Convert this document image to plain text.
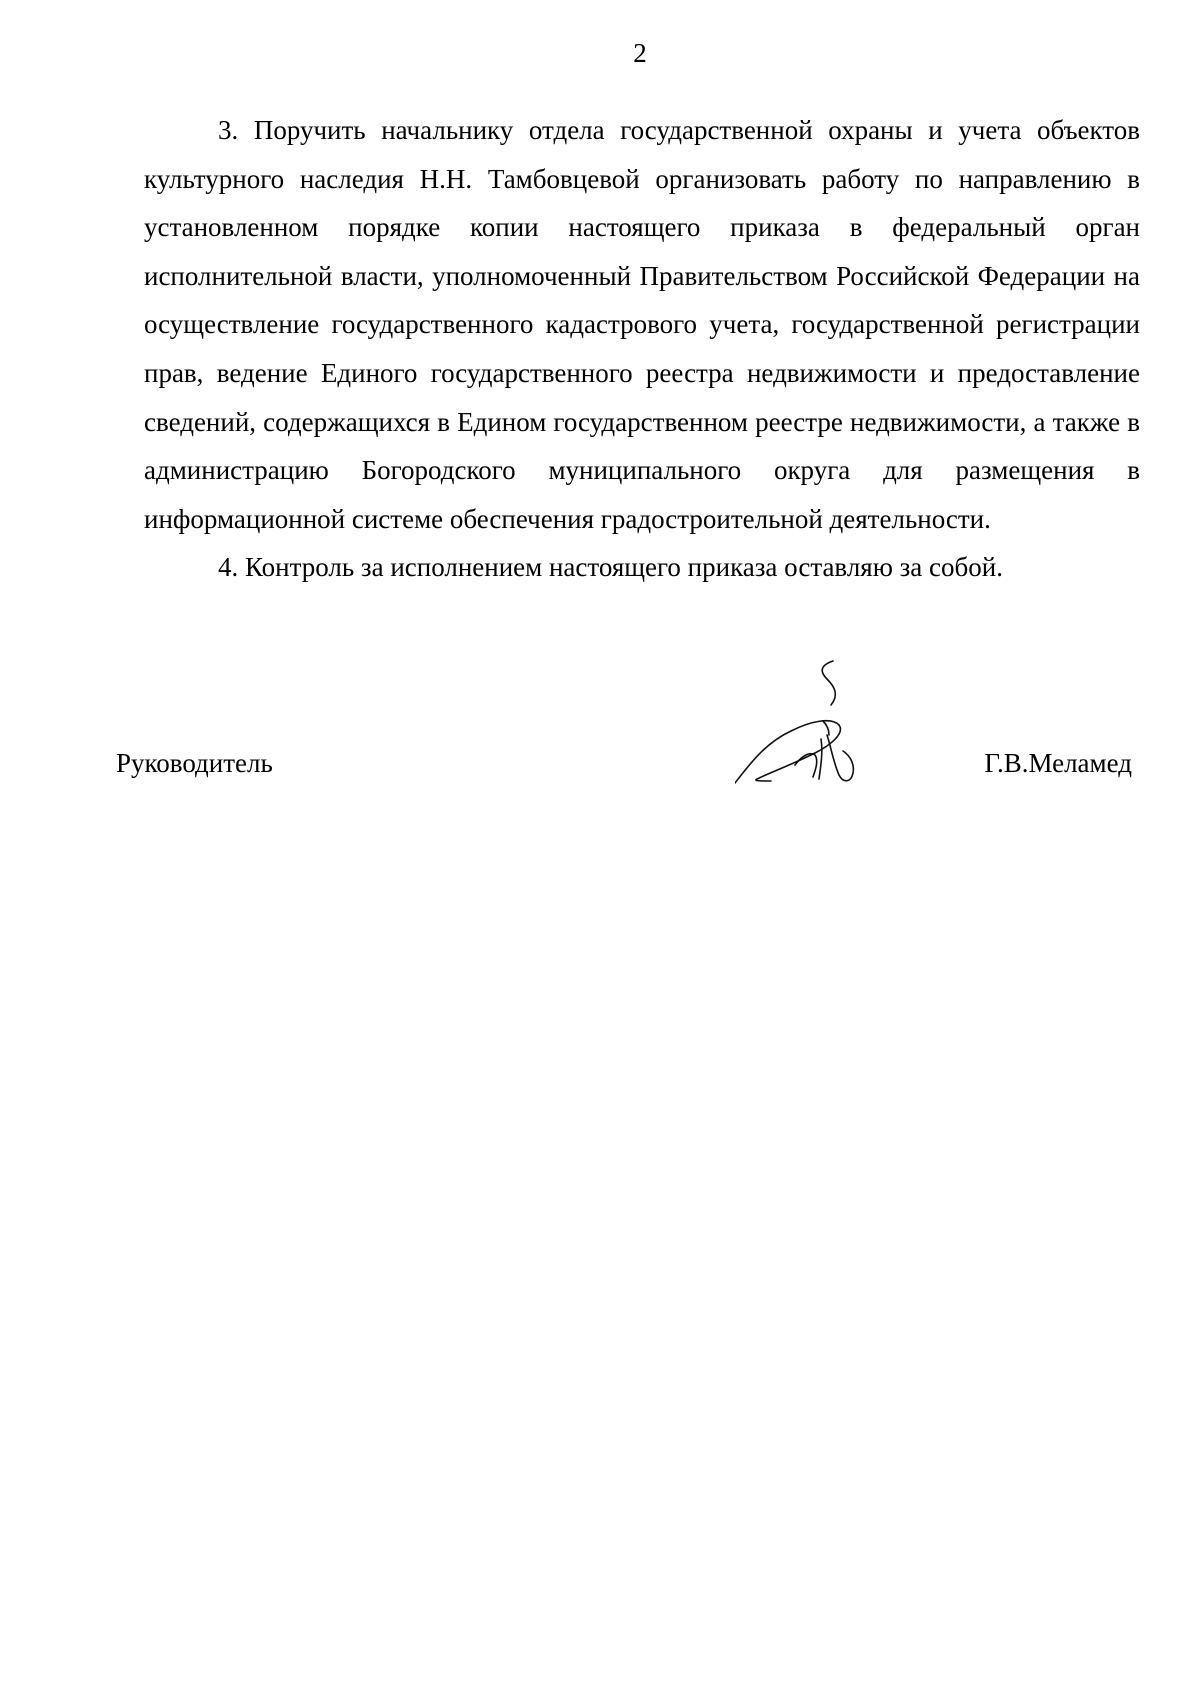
2

3. Поручить начальнику отдела государственной охраны и учета объектов культурного наследия Н.Н. Тамбовцевой организовать работу по направлению в установленном порядке копии настоящего приказа в федеральный орган исполнительной власти, уполномоченный Правительством Российской Федерации на осуществление государственного кадастрового учета, государственной регистрации прав, ведение Единого государственного реестра недвижимости и предоставление сведений, содержащихся в Едином государственном реестре недвижимости, а также в администрацию Богородского муниципального округа для размещения в информационной системе обеспечения градостроительной деятельности.

4. Контроль за исполнением настоящего приказа оставляю за собой.

Руководитель	Г.В.Меламед
